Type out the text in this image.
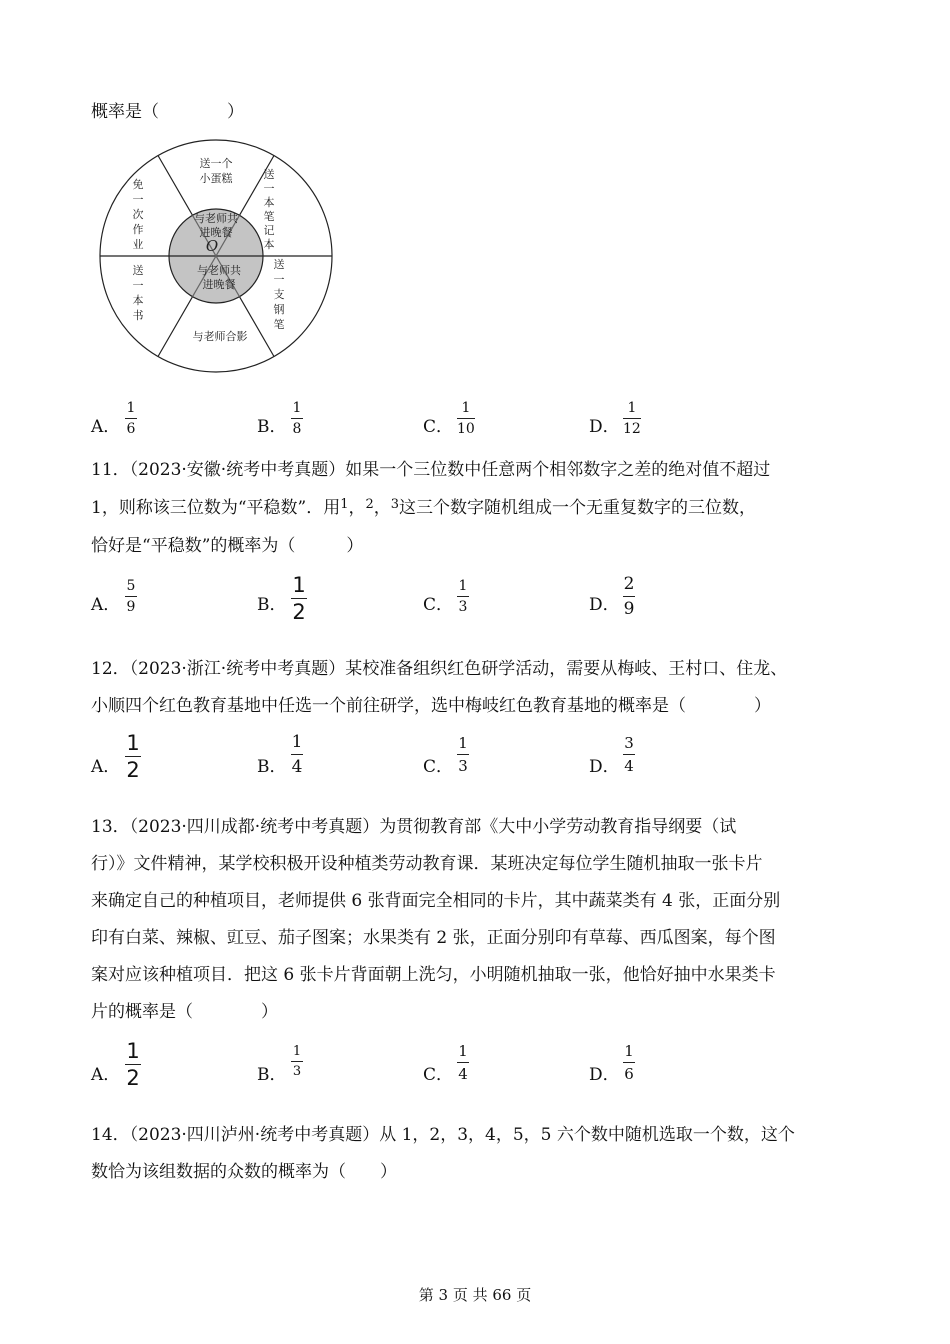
概率是（　　　　）
与老师共
进晚餐
O
与老师共
进晚餐
送一个
小蛋糕
与老师合影
免
一
次
作
业
送
一
本
笔
记
本
送
一
本
书
送
一
支
钢
笔
A．
1
6	B．
1
8	C．
1
10	D．
1
12
11．（2023·安徽·统考中考真题）如果一个三位数中任意两个相邻数字之差的绝对值不超过
1，则称该三位数为“平稳数”．用$^1$，$^2$，$^3$这三个数字随机组成一个无重复数字的三位数，
恰好是“平稳数”的概率为（　　　）
A．
5
9	B．
1
2	C．
1
3	D．
2
9
12．（2023·浙江·统考中考真题）某校准备组织红色研学活动，需要从梅岐、王村口、住龙、
小顺四个红色教育基地中任选一个前往研学，选中梅岐红色教育基地的概率是（　　　　）
A．
1
2	B．
1
4	C．
1
3	D．
3
4
13．（2023·四川成都·统考中考真题）为贯彻教育部《大中小学劳动教育指导纲要（试
行）》文件精神，某学校积极开设种植类劳动教育课．某班决定每位学生随机抽取一张卡片
来确定自己的种植项目，老师提供 6 张背面完全相同的卡片，其中蔬菜类有 4 张，正面分别
印有白菜、辣椒、豇豆、茄子图案；水果类有 2 张，正面分别印有草莓、西瓜图案，每个图
案对应该种植项目．把这 6 张卡片背面朝上洗匀，小明随机抽取一张，他恰好抽中水果类卡
片的概率是（　　　　）
A．
1
2	B．
1
3	C．
1
4	D．
1
6
14．（2023·四川泸州·统考中考真题）从 1，2，3，4，5，5 六个数中随机选取一个数，这个
数恰为该组数据的众数的概率为（　　）
第 3 页 共 66 页
